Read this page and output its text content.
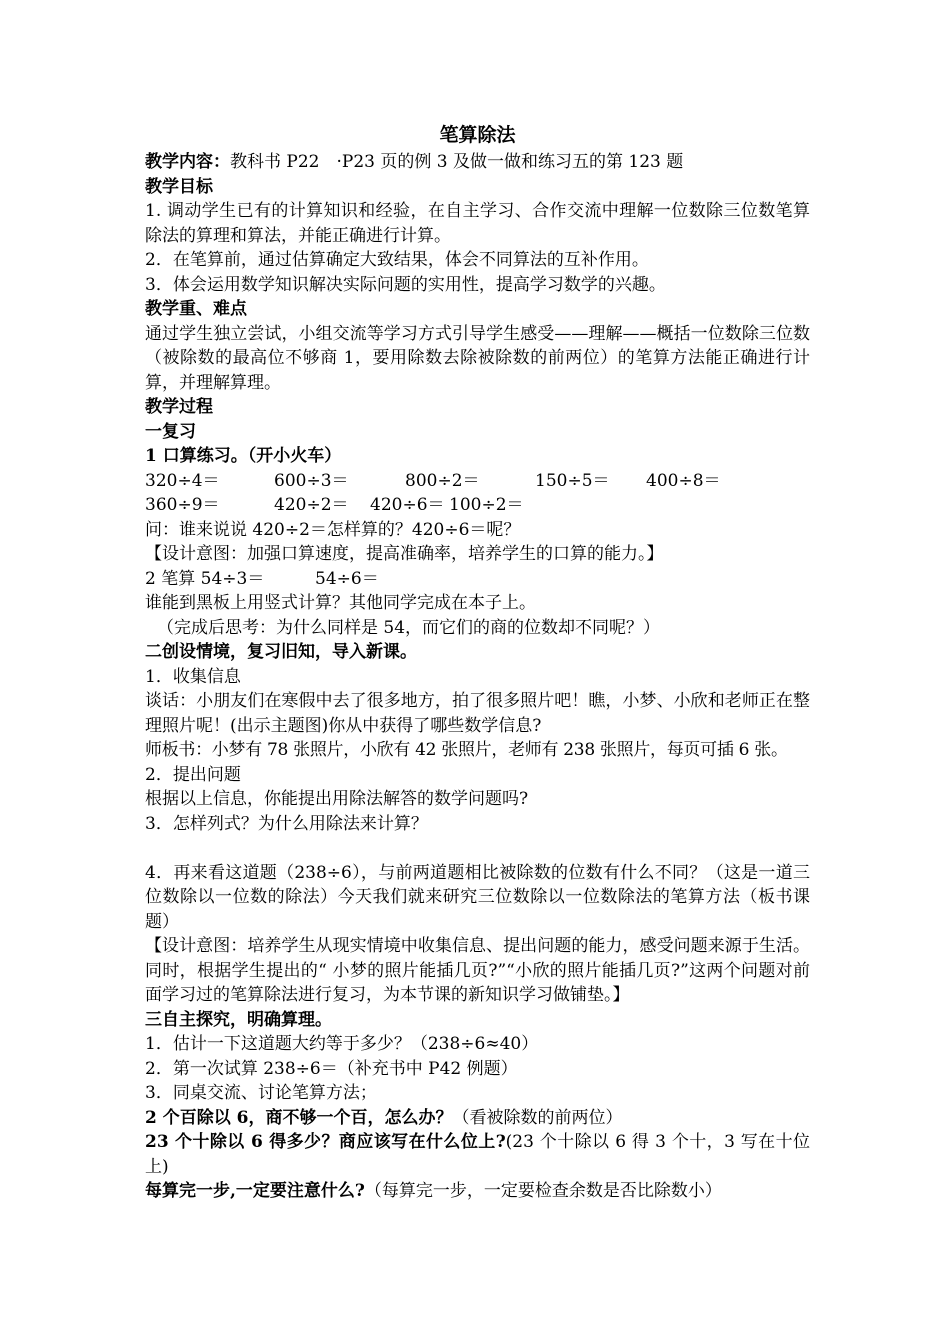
笔算除法
教学内容：教科书 P22　·P23 页的例 3 及做一做和练习五的第 123 题
教学目标
1. 调动学生已有的计算知识和经验，在自主学习、合作交流中理解一位数除三位数笔算除法的算理和算法，并能正确进行计算。
2．在笔算前，通过估算确定大致结果，体会不同算法的互补作用。
3．体会运用数学知识解决实际问题的实用性，提高学习数学的兴趣。
教学重、难点
通过学生独立尝试，小组交流等学习方式引导学生感受——理解——概括一位数除三位数（被除数的最高位不够商 1，要用除数去除被除数的前两位）的笔算方法能正确进行计算，并理解算理。
教学过程
一复习
1 口算练习。（开小火车）
320÷4＝	600÷3＝	800÷2＝	150÷5＝ 400÷8＝
360÷9＝	420÷2＝ 420÷6＝ 100÷2＝
问：谁来说说 420÷2＝怎样算的？420÷6＝呢？
【设计意图：加强口算速度，提高准确率，培养学生的口算的能力。】
2 笔算 54÷3＝	54÷6＝
谁能到黑板上用竖式计算？其他同学完成在本子上。
（完成后思考：为什么同样是 54，而它们的商的位数却不同呢？）
二创设情境，复习旧知，导入新课。
1．收集信息
谈话：小朋友们在寒假中去了很多地方，拍了很多照片吧！瞧，小梦、小欣和老师正在整理照片呢！(出示主题图)你从中获得了哪些数学信息?
师板书：小梦有 78 张照片，小欣有 42 张照片，老师有 238 张照片，每页可插 6 张。
2．提出问题
根据以上信息，你能提出用除法解答的数学问题吗?
3．怎样列式？为什么用除法来计算？
4．再来看这道题（238÷6），与前两道题相比被除数的位数有什么不同？（这是一道三位数除以一位数的除法）今天我们就来研究三位数除以一位数除法的笔算方法（板书课题）
【设计意图：培养学生从现实情境中收集信息、提出问题的能力，感受问题来源于生活。同时，根据学生提出的“ 小梦的照片能插几页?”“小欣的照片能插几页?”这两个问题对前面学习过的笔算除法进行复习，为本节课的新知识学习做铺垫。】
三自主探究，明确算理。
1．估计一下这道题大约等于多少？（238÷6≈40）
2．第一次试算 238÷6＝（补充书中 P42 例题）
3．同桌交流、讨论笔算方法；
2 个百除以 6，商不够一个百，怎么办？（看被除数的前两位）
23 个十除以 6 得多少？商应该写在什么位上?(23 个十除以 6 得 3 个十，3 写在十位上)
每算完一步,一定要注意什么?（每算完一步，一定要检查余数是否比除数小）
